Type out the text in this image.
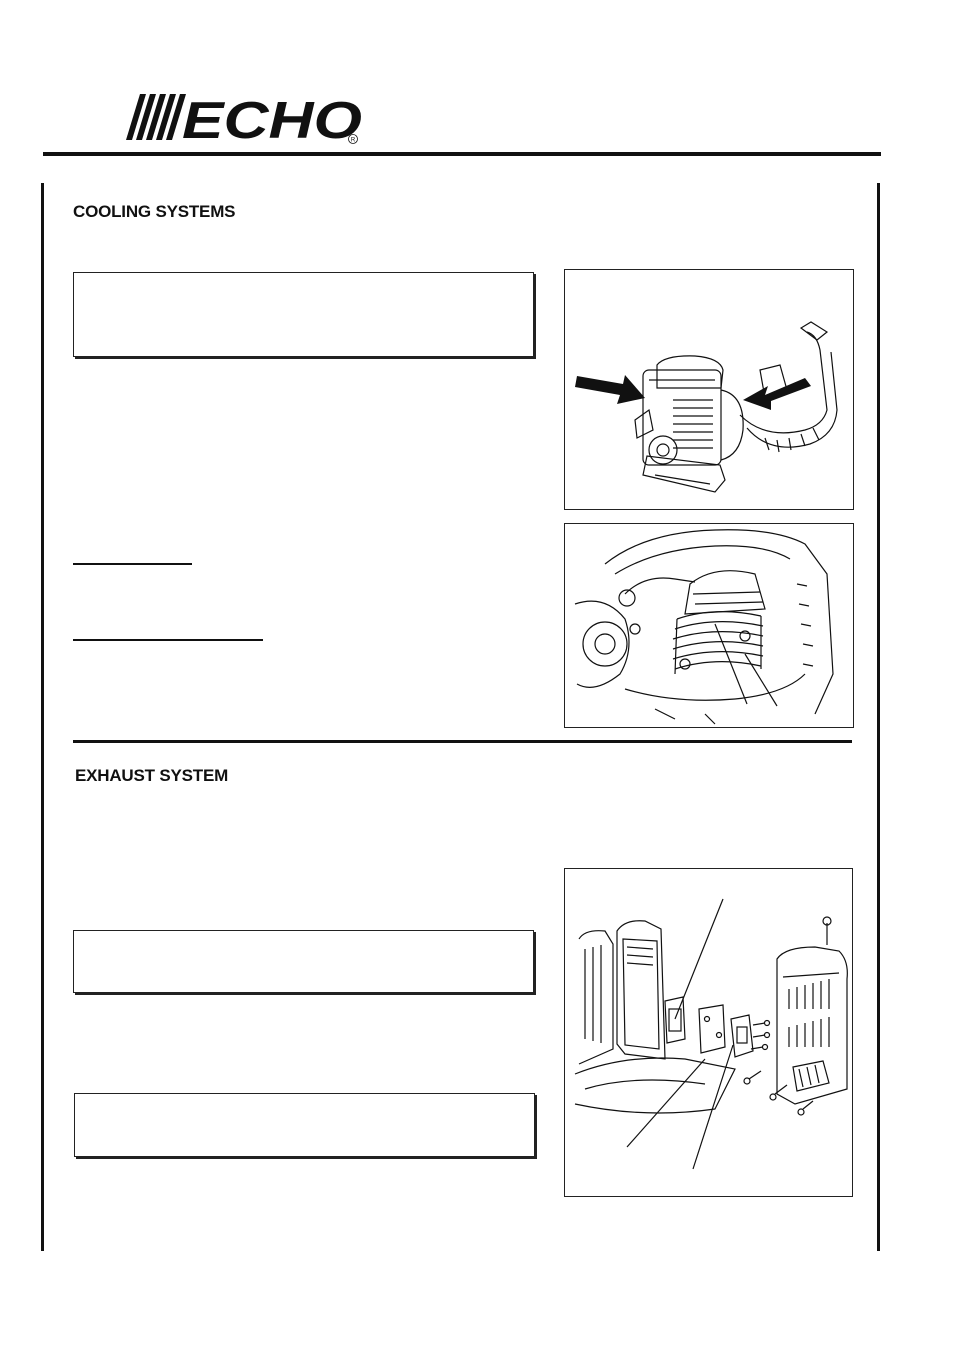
ECHO
R
COOLING SYSTEMS
EXHAUST SYSTEM
